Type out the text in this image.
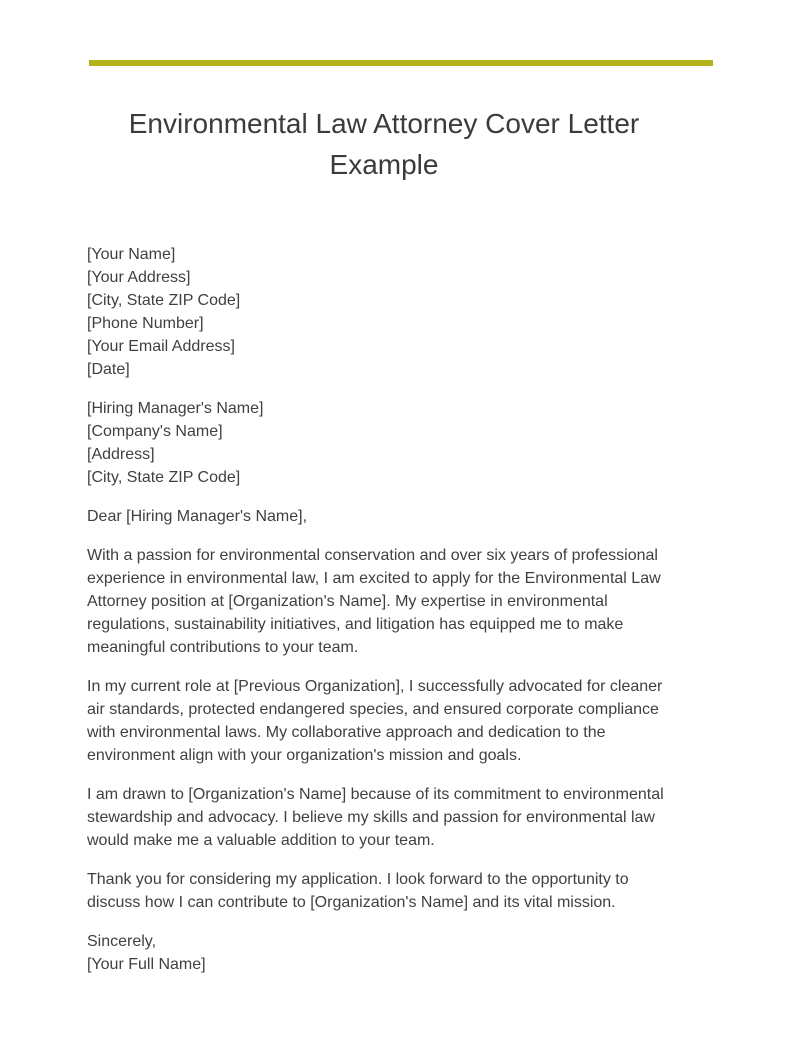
Environmental Law Attorney Cover Letter Example
[Your Name]
[Your Address]
[City, State ZIP Code]
[Phone Number]
[Your Email Address]
[Date]
[Hiring Manager's Name]
[Company's Name]
[Address]
[City, State ZIP Code]

Dear [Hiring Manager's Name],

With a passion for environmental conservation and over six years of professional
experience in environmental law, I am excited to apply for the Environmental Law
Attorney position at [Organization's Name]. My expertise in environmental
regulations, sustainability initiatives, and litigation has equipped me to make
meaningful contributions to your team.

In my current role at [Previous Organization], I successfully advocated for cleaner
air standards, protected endangered species, and ensured corporate compliance
with environmental laws. My collaborative approach and dedication to the
environment align with your organization's mission and goals.

I am drawn to [Organization's Name] because of its commitment to environmental
stewardship and advocacy. I believe my skills and passion for environmental law
would make me a valuable addition to your team.

Thank you for considering my application. I look forward to the opportunity to
discuss how I can contribute to [Organization's Name] and its vital mission.

Sincerely,
[Your Full Name]
